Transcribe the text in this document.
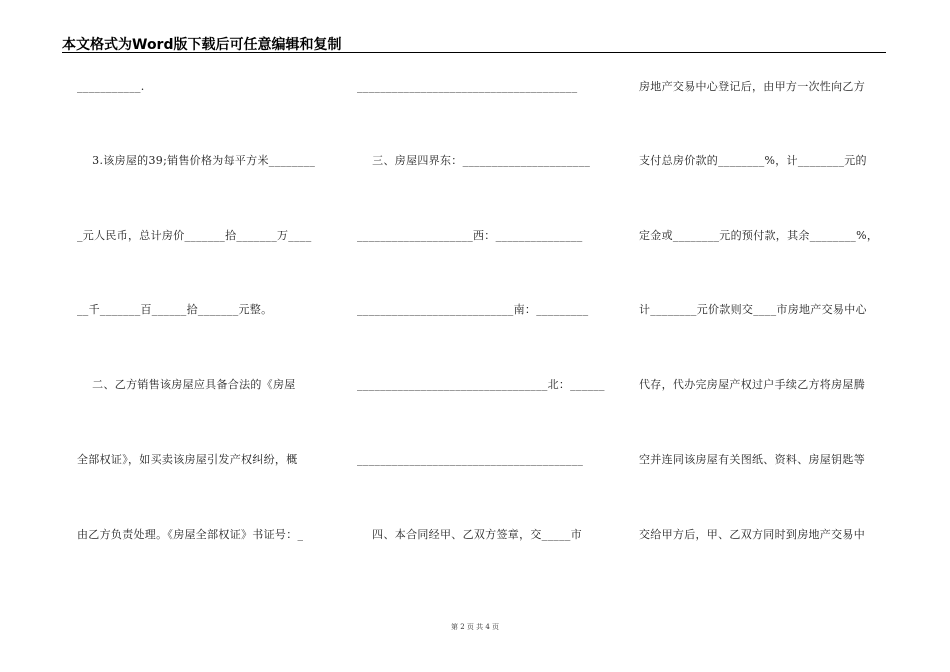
本文格式为Word版下载后可任意编辑和复制
___________.
3.该房屋的39;销售价格为每平方米________
_元人民币，总计房价_______拾_______万____
__千_______百______拾_______元整。
二、乙方销售该房屋应具备合法的《房屋
全部权证》，如买卖该房屋引发产权纠纷，概
由乙方负责处理。《房屋全部权证》书证号：_
______________________________________
三、房屋四界东：______________________
____________________西：_______________
___________________________南：_________
_________________________________北：______
_______________________________________
四、本合同经甲、乙双方签章，交_____市
房地产交易中心登记后，由甲方一次性向乙方
支付总房价款的________%，计________元的
定金或________元的预付款，其余________%，
计________元价款则交____市房地产交易中心
代存，代办完房屋产权过户手续乙方将房屋腾
空并连同该房屋有关图纸、资料、房屋钥匙等
交给甲方后，甲、乙双方同时到房地产交易中
第 2 页 共 4 页
